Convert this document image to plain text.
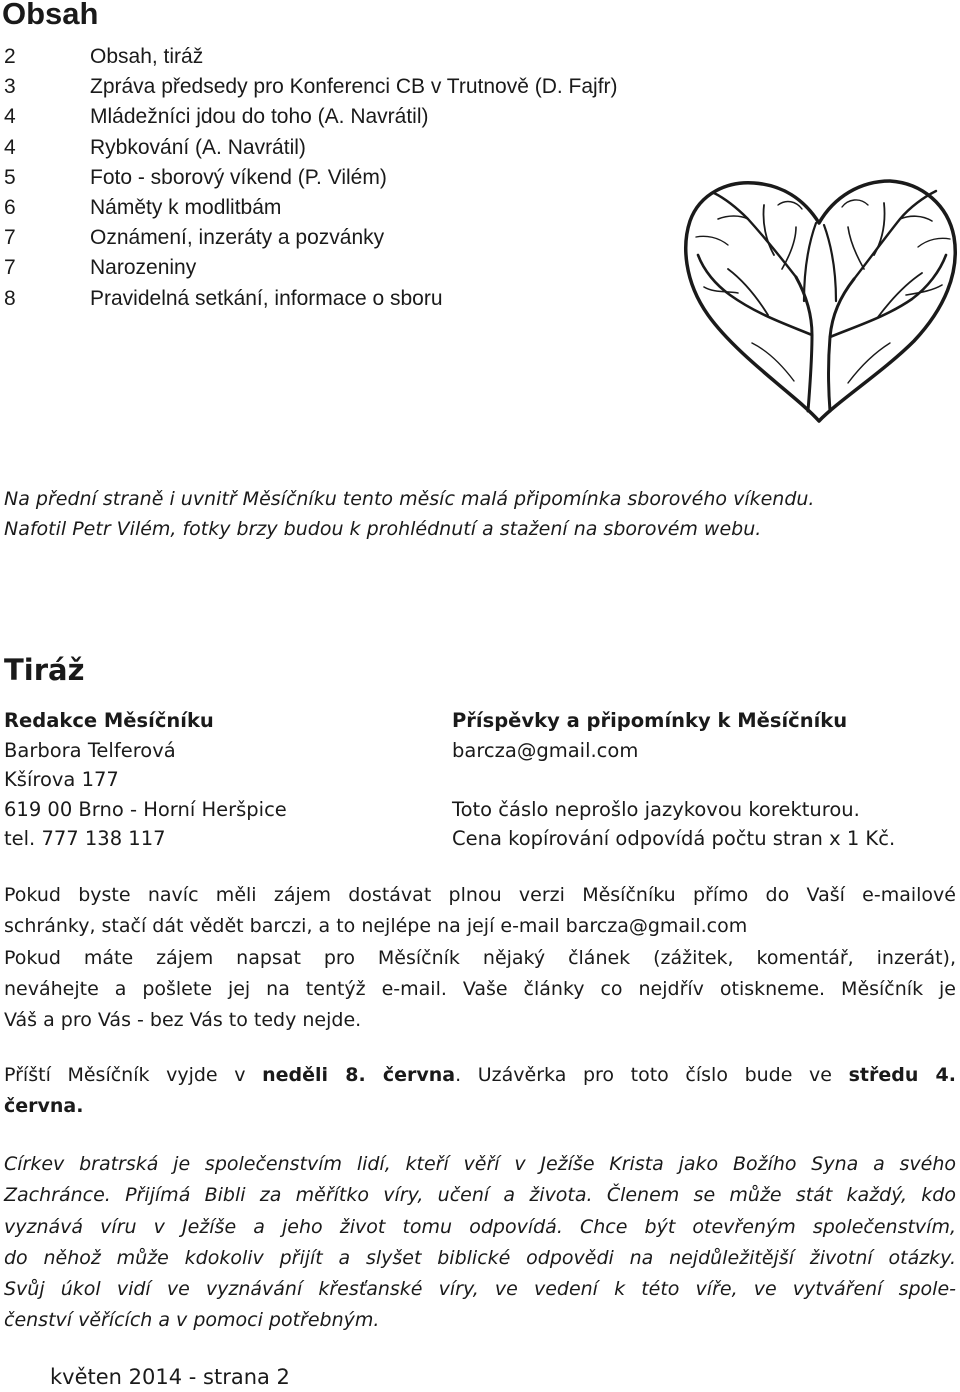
Obsah
2	Obsah, tiráž
3	Zpráva předsedy pro Konferenci CB v Trutnově (D. Fajfr)
4	Mládežníci jdou do toho (A. Navrátil)
4	Rybkování (A. Navrátil)
5	Foto - sborový víkend (P. Vilém)
6	Náměty k modlitbám
7	Oznámení, inzeráty a pozvánky
7	Narozeniny
8	Pravidelná setkání, informace o sboru
Na přední straně i uvnitř Měsíčníku tento měsíc malá připomínka sborového víkendu.
Nafotil Petr Vilém, fotky brzy budou k prohlédnutí a stažení na sborovém webu.
Tiráž
Redakce Měsíčníku
Barbora Telferová
Kšírova 177
619 00 Brno - Horní Heršpice
tel. 777 138 117
Příspěvky a připomínky k Měsíčníku
barcza@gmail.com
Toto čáslo neprošlo jazykovou korekturou.
Cena kopírování odpovídá počtu stran x 1 Kč.
Pokud byste navíc měli zájem dostávat plnou verzi Měsíčníku přímo do Vaší e-mailové
schránky, stačí dát vědět barczi, a to nejlépe na její e-mail barcza@gmail.com
Pokud máte zájem napsat pro Měsíčník nějaký článek (zážitek, komentář, inzerát),
neváhejte a pošlete jej na tentýž e-mail. Vaše články co nejdřív otiskneme. Měsíčník je
Váš a pro Vás - bez Vás to tedy nejde.
Příští Měsíčník vyjde v neděli 8. června. Uzávěrka pro toto číslo bude ve středu 4.
června.
Církev bratrská je společenstvím lidí, kteří věří v Ježíše Krista jako Božího Syna a svého
Zachránce. Přijímá Bibli za měřítko víry, učení a života. Členem se může stát každý, kdo
vyznává víru v Ježíše a jeho život tomu odpovídá. Chce být otevřeným společenstvím,
do něhož může kdokoliv přijít a slyšet biblické odpovědi na nejdůležitější životní otázky.
Svůj úkol vidí ve vyznávání křesťanské víry, ve vedení k této víře, ve vytváření spole-
čenství věřících a v pomoci potřebným.
květen 2014 - strana 2
